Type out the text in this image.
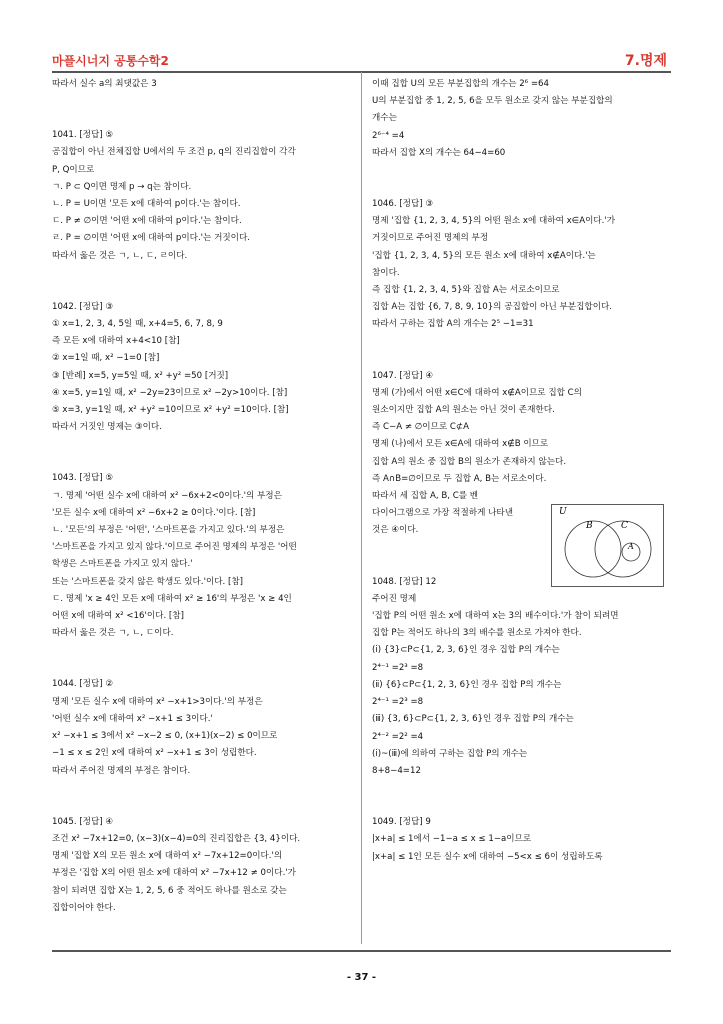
마플시너지 공통수학2	7.명제
따라서 실수 a의 최댓값은 3
1041. [정답] ⑤
공집합이 아닌 전체집합 U에서의 두 조건 p, q의 진리집합이 각각
P, Q이므로
ㄱ. P ⊂ Q이면 명제 p → q는 참이다.
ㄴ. P = U이면 '모든 x에 대하여 p이다.'는 참이다.
ㄷ. P ≠ ∅이면 '어떤 x에 대하여 p이다.'는 참이다.
ㄹ. P = ∅이면 '어떤 x에 대하여 p이다.'는 거짓이다.
따라서 옳은 것은 ㄱ, ㄴ, ㄷ, ㄹ이다.
1042. [정답] ③
① x=1, 2, 3, 4, 5일 때, x+4=5, 6, 7, 8, 9
즉 모든 x에 대하여 x+4<10 [참]
② x=1일 때, x² −1=0 [참]
③ [반례] x=5, y=5일 때, x² +y² =50 [거짓]
④ x=5, y=1일 때, x² −2y=23이므로 x² −2y>10이다. [참]
⑤ x=3, y=1일 때, x² +y² =10이므로 x² +y² =10이다. [참]
따라서 거짓인 명제는 ③이다.
1043. [정답] ⑤
ㄱ. 명제 '어떤 실수 x에 대하여 x² −6x+2<0이다.'의 부정은
'모든 실수 x에 대하여 x² −6x+2 ≥ 0이다.'이다. [참]
ㄴ. '모든'의 부정은 '어떤', '스마트폰을 가지고 있다.'의 부정은
'스마트폰을 가지고 있지 않다.'이므로 주어진 명제의 부정은 '어떤
학생은 스마트폰을 가지고 있지 않다.'
또는 '스마트폰을 갖지 않은 학생도 있다.'이다. [참]
ㄷ. 명제 'x ≥ 4인 모든 x에 대하여 x² ≥ 16'의 부정은 'x ≥ 4인
어떤 x에 대하여 x² <16'이다. [참]
따라서 옳은 것은 ㄱ, ㄴ, ㄷ이다.
1044. [정답] ②
명제 '모든 실수 x에 대하여 x² −x+1>3이다.'의 부정은
'어떤 실수 x에 대하여 x² −x+1 ≤ 3이다.'
x² −x+1 ≤ 3에서 x² −x−2 ≤ 0, (x+1)(x−2) ≤ 0이므로
−1 ≤ x ≤ 2인 x에 대하여 x² −x+1 ≤ 3이 성립한다.
따라서 주어진 명제의 부정은 참이다.
1045. [정답] ④
조건 x² −7x+12=0, (x−3)(x−4)=0의 진리집합은 {3, 4}이다.
명제 '집합 X의 모든 원소 x에 대하여 x² −7x+12=0이다.'의
부정은 '집합 X의 어떤 원소 x에 대하여 x² −7x+12 ≠ 0이다.'가
참이 되려면 집합 X는 1, 2, 5, 6 중 적어도 하나를 원소로 갖는
집합이어야 한다.
이때 집합 U의 모든 부분집합의 개수는 2⁶ =64
U의 부분집합 중 1, 2, 5, 6을 모두 원소로 갖지 않는 부분집합의
개수는
2⁶⁻⁴ =4
따라서 집합 X의 개수는 64−4=60
1046. [정답] ③
명제 '집합 {1, 2, 3, 4, 5}의 어떤 원소 x에 대하여 x∈A이다.'가
거짓이므로 주어진 명제의 부정
'집합 {1, 2, 3, 4, 5}의 모든 원소 x에 대하여 x∉A이다.'는
참이다.
즉 집합 {1, 2, 3, 4, 5}와 집합 A는 서로소이므로
집합 A는 집합 {6, 7, 8, 9, 10}의 공집합이 아닌 부분집합이다.
따라서 구하는 집합 A의 개수는 2⁵ −1=31
1047. [정답] ④
명제 (가)에서 어떤 x∈C에 대하여 x∉A이므로 집합 C의
원소이지만 집합 A의 원소는 아닌 것이 존재한다.
즉 C−A ≠ ∅이므로 C⊄A
명제 (나)에서 모든 x∈A에 대하여 x∉B 이므로
집합 A의 원소 중 집합 B의 원소가 존재하지 않는다.
즉 A∩B=∅이므로 두 집합 A, B는 서로소이다.
따라서 세 집합 A, B, C를 벤
다이어그램으로 가장 적절하게 나타낸
것은 ④이다.
1048. [정답] 12
주어진 명제
'집합 P의 어떤 원소 x에 대하여 x는 3의 배수이다.'가 참이 되려면
집합 P는 적어도 하나의 3의 배수를 원소로 가져야 한다.
(ⅰ) {3}⊂P⊂{1, 2, 3, 6}인 경우 집합 P의 개수는
2⁴⁻¹ =2³ =8
(ⅱ) {6}⊂P⊂{1, 2, 3, 6}인 경우 집합 P의 개수는
2⁴⁻¹ =2³ =8
(ⅲ) {3, 6}⊂P⊂{1, 2, 3, 6}인 경우 집합 P의 개수는
2⁴⁻² =2² =4
(ⅰ)~(ⅲ)에 의하여 구하는 집합 P의 개수는
8+8−4=12
1049. [정답] 9
|x+a| ≤ 1에서 −1−a ≤ x ≤ 1−a이므로
|x+a| ≤ 1인 모든 실수 x에 대하여 −5<x ≤ 6이 성립하도록
U
B	C
A
- 37 -
